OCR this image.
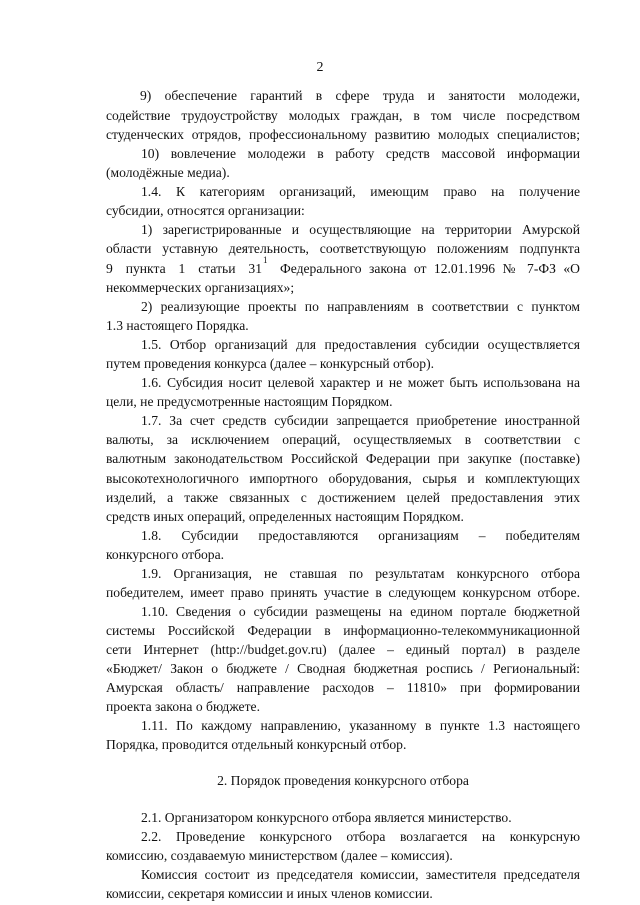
2
9) обеспечение гарантий в сфере труда и занятости молодежи,
содействие трудоустройству молодых граждан, в том числе посредством
студенческих отрядов, профессиональному развитию молодых специалистов;
10) вовлечение молодежи в работу средств массовой информации
(молодёжные медиа).
1.4. К категориям организаций, имеющим право на получение
субсидии, относятся организации:
1) зарегистрированные и осуществляющие на территории Амурской
области уставную деятельность, соответствующую положениям подпункта
9 пункта 1 статьи 31
1
Федерального закона от 12.01.1996 № 7-ФЗ «О
некоммерческих организациях»;
2) реализующие проекты по направлениям в соответствии с пунктом
1.3 настоящего Порядка.
1.5. Отбор организаций для предоставления субсидии осуществляется
путем проведения конкурса (далее – конкурсный отбор).
1.6. Субсидия носит целевой характер и не может быть использована на
цели, не предусмотренные настоящим Порядком.
1.7. За счет средств субсидии запрещается приобретение иностранной
валюты, за исключением операций, осуществляемых в соответствии с
валютным законодательством Российской Федерации при закупке (поставке)
высокотехнологичного импортного оборудования, сырья и комплектующих
изделий, а также связанных с достижением целей предоставления этих
средств иных операций, определенных настоящим Порядком.
1.8. Субсидии предоставляются организациям – победителям
конкурсного отбора.
1.9. Организация, не ставшая по результатам конкурсного отбора
победителем, имеет право принять участие в следующем конкурсном отборе.
1.10. Сведения о субсидии размещены на едином портале бюджетной
системы Российской Федерации в информационно-телекоммуникационной
сети Интернет (http://budget.gov.ru) (далее – единый портал) в разделе
«Бюджет/ Закон о бюджете / Сводная бюджетная роспись / Региональный:
Амурская область/ направление расходов – 11810» при формировании
проекта закона о бюджете.
1.11. По каждому направлению, указанному в пункте 1.3 настоящего
Порядка, проводится отдельный конкурсный отбор.
2. Порядок проведения конкурсного отбора
2.1. Организатором конкурсного отбора является министерство.
2.2. Проведение конкурсного отбора возлагается на конкурсную
комиссию, создаваемую министерством (далее – комиссия).
Комиссия состоит из председателя комиссии, заместителя председателя
комиссии, секретаря комиссии и иных членов комиссии.
